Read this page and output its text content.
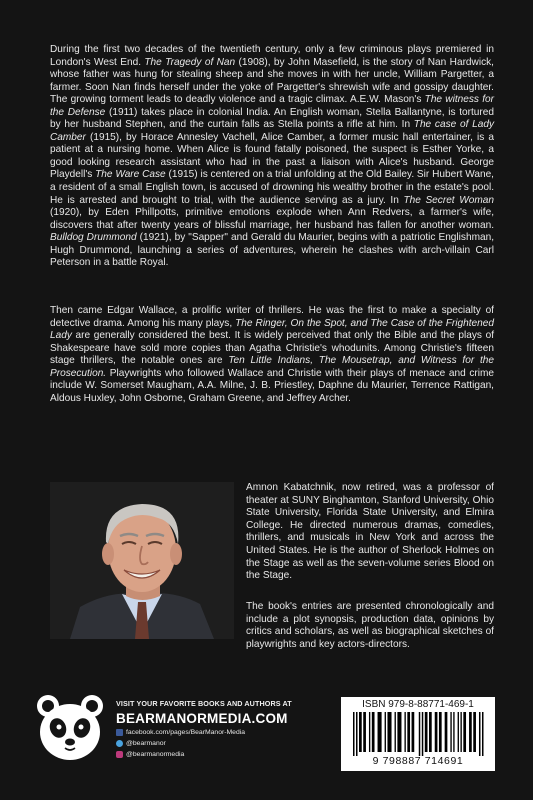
During the first two decades of the twentieth century, only a few criminous plays premiered in London's West End. The Tragedy of Nan (1908), by John Masefield, is the story of Nan Hardwick, whose father was hung for stealing sheep and she moves in with her uncle, William Pargetter, a farmer. Soon Nan finds herself under the yoke of Pargetter's shrewish wife and gossipy daughter. The growing torment leads to deadly violence and a tragic climax. A.E.W. Mason's The witness for the Defense (1911) takes place in colonial India. An English woman, Stella Ballantyne, is tortured by her husband Stephen, and the curtain falls as Stella points a rifle at him. In The case of Lady Camber (1915), by Horace Annesley Vachell, Alice Camber, a former music hall entertainer, is a patient at a nursing home. When Alice is found fatally poisoned, the suspect is Esther Yorke, a good looking research assistant who had in the past a liaison with Alice's husband. George Playdell's The Ware Case (1915) is centered on a trial unfolding at the Old Bailey. Sir Hubert Wane, a resident of a small English town, is accused of drowning his wealthy brother in the estate's pool. He is arrested and brought to trial, with the audience serving as a jury. In The Secret Woman (1920), by Eden Phillpotts, primitive emotions explode when Ann Redvers, a farmer's wife, discovers that after twenty years of blissful marriage, her husband has fallen for another woman. Bulldog Drummond (1921), by "Sapper" and Gerald du Maurier, begins with a patriotic Englishman, Hugh Drummond, launching a series of adventures, wherein he clashes with arch-villain Carl Peterson in a battle Royal.

Then came Edgar Wallace, a prolific writer of thrillers. He was the first to make a specialty of detective drama. Among his many plays, The Ringer, On the Spot, and The Case of the Frightened Lady are generally considered the best. It is widely perceived that only the Bible and the plays of Shakespeare have sold more copies than Agatha Christie's whodunits. Among Christie's fifteen stage thrillers, the notable ones are Ten Little Indians, The Mousetrap, and Witness for the Prosecution. Playwrights who followed Wallace and Christie with their plays of menace and crime include W. Somerset Maugham, A.A. Milne, J. B. Priestley, Daphne du Maurier, Terrence Rattigan, Aldous Huxley, John Osborne, Graham Greene, and Jeffrey Archer.

Amnon Kabatchnik, now retired, was a professor of theater at SUNY Binghamton, Stanford University, Ohio State University, Florida State University, and Elmira College. He directed numerous dramas, comedies, thrillers, and musicals in New York and across the United States. He is the author of Sherlock Holmes on the Stage as well as the seven-volume series Blood on the Stage.

The book's entries are presented chronologically and include a plot synopsis, production data, opinions by critics and scholars, as well as biographical sketches of playwrights and key actors-directors.

VISIT YOUR FAVORITE BOOKS AND AUTHORS AT
BEARMANORMEDIA.COM
facebook.com/pages/BearManor-Media
@bearmanor
@bearmanormedia
ISBN 979-8-88771-469-1
9 798887 714691
